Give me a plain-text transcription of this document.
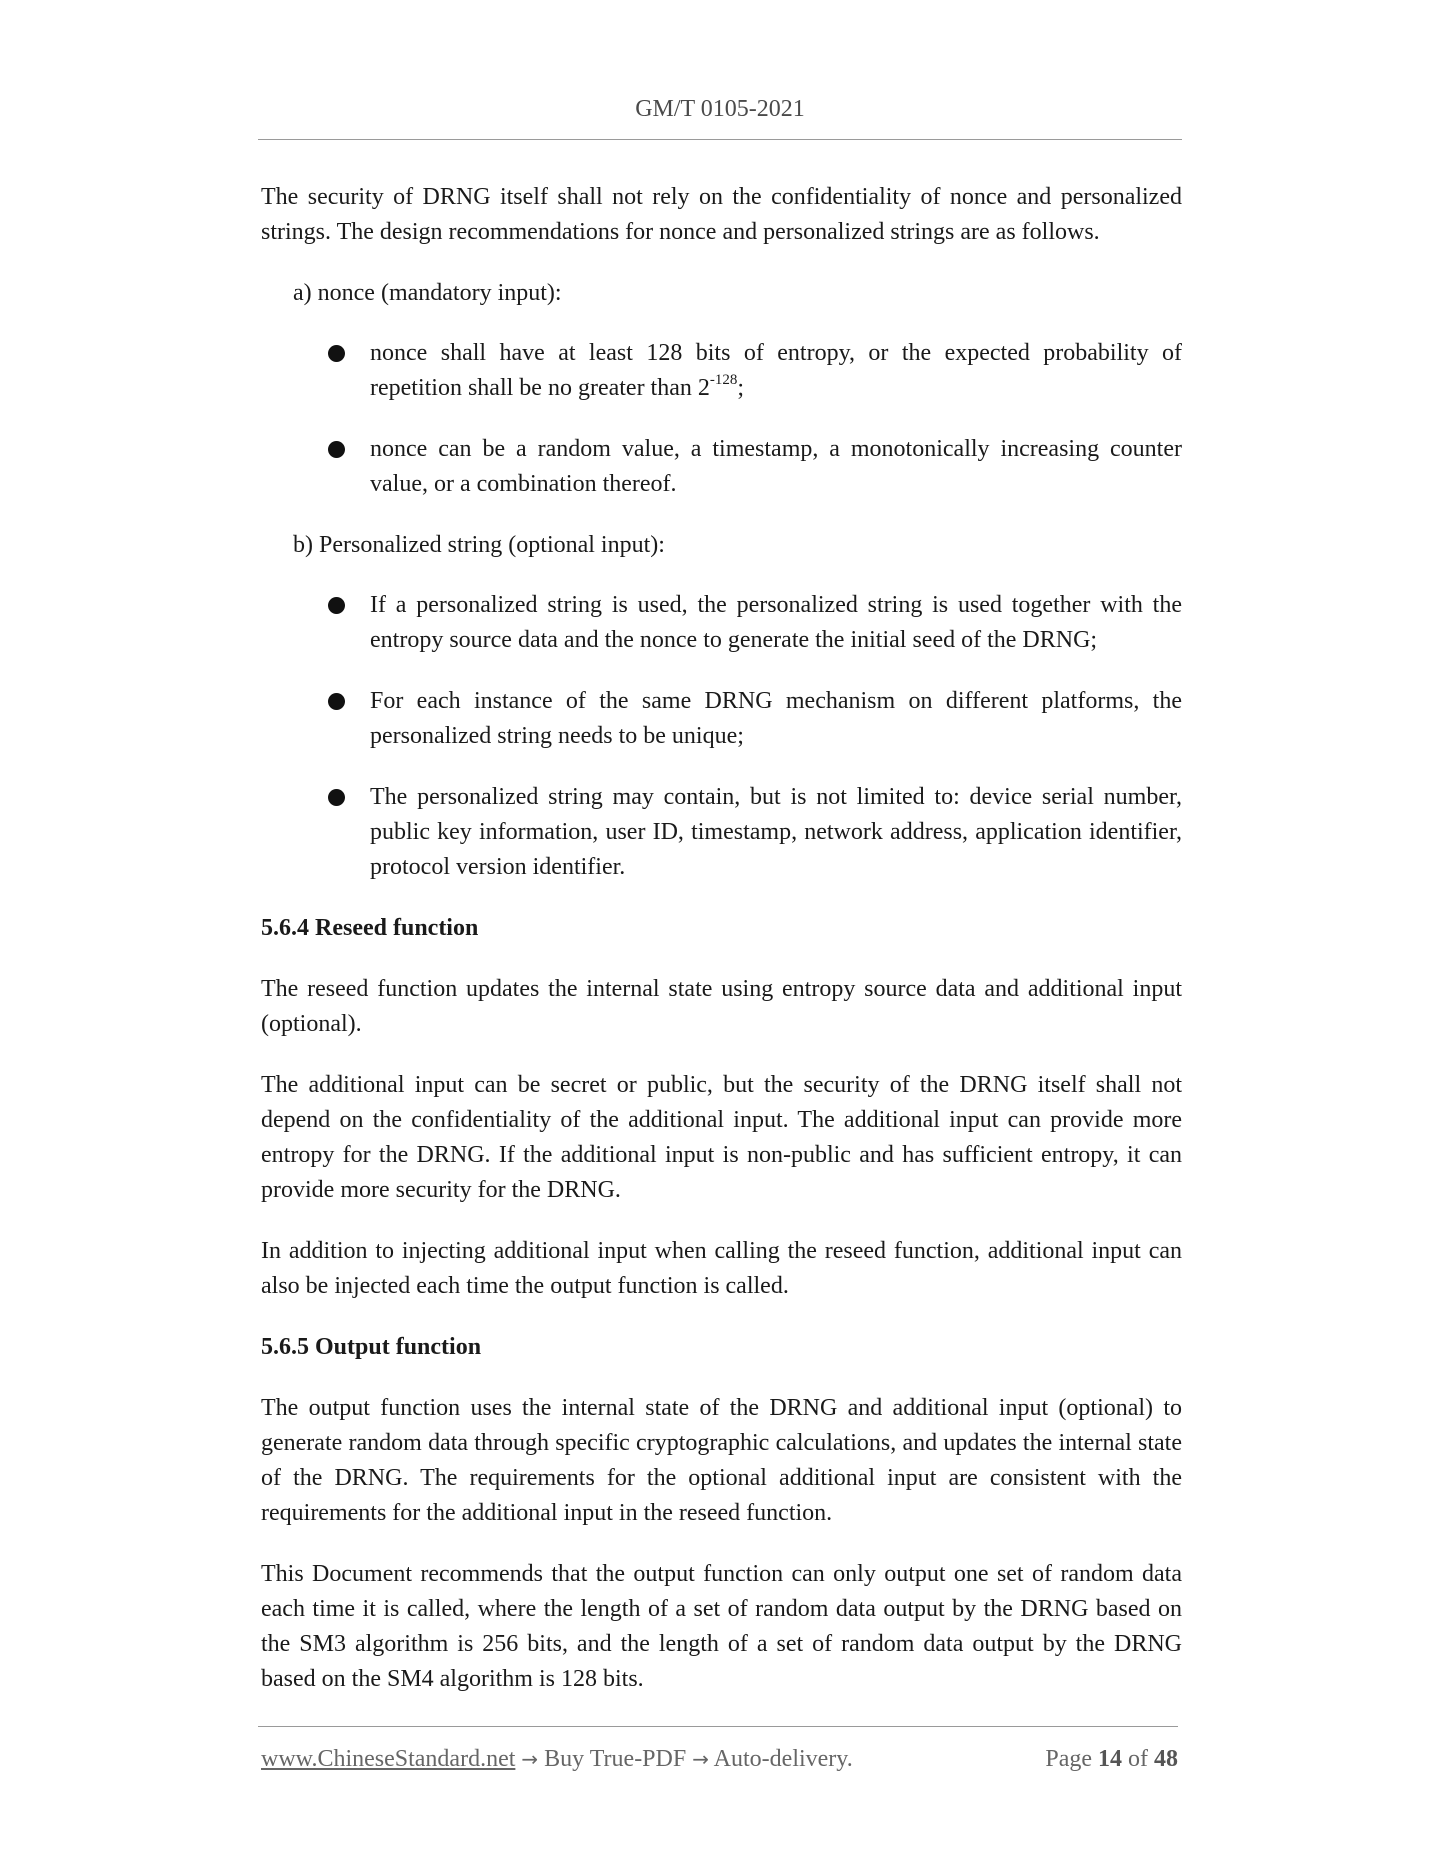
GM/T 0105-2021

The security of DRNG itself shall not rely on the confidentiality of nonce and personalized strings. The design recommendations for nonce and personalized strings are as follows.

a) nonce (mandatory input):
nonce shall have at least 128 bits of entropy, or the expected probability of repetition shall be no greater than $2^{-128}$;
nonce can be a random value, a timestamp, a monotonically increasing counter value, or a combination thereof.
b) Personalized string (optional input):
If a personalized string is used, the personalized string is used together with the entropy source data and the nonce to generate the initial seed of the DRNG;
For each instance of the same DRNG mechanism on different platforms, the personalized string needs to be unique;
The personalized string may contain, but is not limited to: device serial number, public key information, user ID, timestamp, network address, application identifier, protocol version identifier.
5.6.4 Reseed function

The reseed function updates the internal state using entropy source data and additional input (optional).

The additional input can be secret or public, but the security of the DRNG itself shall not depend on the confidentiality of the additional input. The additional input can provide more entropy for the DRNG. If the additional input is non-public and has sufficient entropy, it can provide more security for the DRNG.

In addition to injecting additional input when calling the reseed function, additional input can also be injected each time the output function is called.

5.6.5 Output function

The output function uses the internal state of the DRNG and additional input (optional) to generate random data through specific cryptographic calculations, and updates the internal state of the DRNG. The requirements for the optional additional input are consistent with the requirements for the additional input in the reseed function.

This Document recommends that the output function can only output one set of random data each time it is called, where the length of a set of random data output by the DRNG based on the SM3 algorithm is 256 bits, and the length of a set of random data output by the DRNG based on the SM4 algorithm is 128 bits.

www.ChineseStandard.net → Buy True-PDF → Auto-delivery.	Page 14 of 48
